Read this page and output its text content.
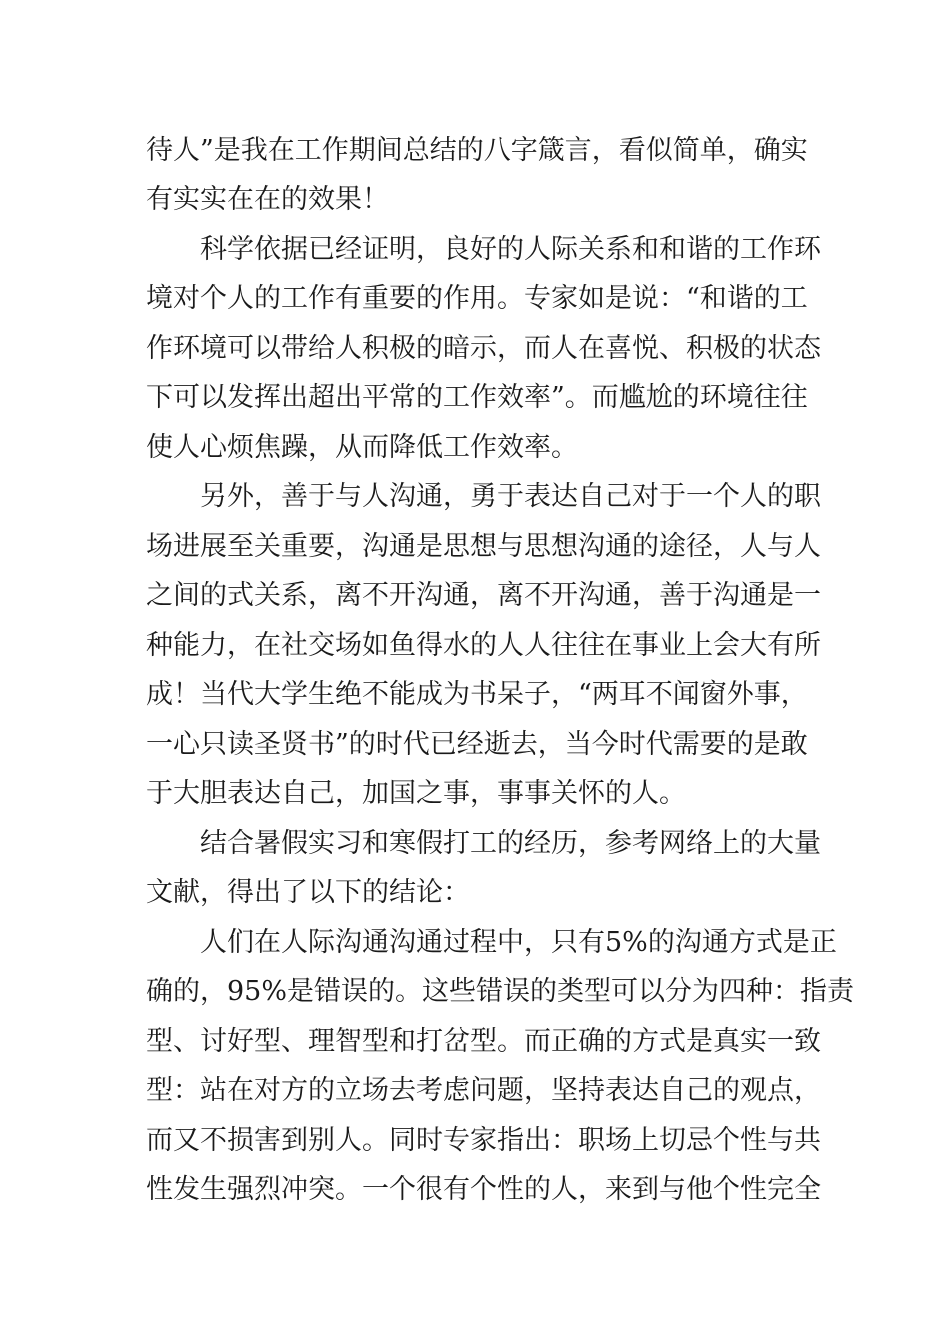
待人”是我在工作期间总结的八字箴言，看似简单，确实
有实实在在的效果！
科学依据已经证明，良好的人际关系和和谐的工作环
境对个人的工作有重要的作用。专家如是说：“和谐的工
作环境可以带给人积极的暗示，而人在喜悦、积极的状态
下可以发挥出超出平常的工作效率”。而尴尬的环境往往
使人心烦焦躁，从而降低工作效率。
另外，善于与人沟通，勇于表达自己对于一个人的职
场进展至关重要，沟通是思想与思想沟通的途径，人与人
之间的式关系，离不开沟通，离不开沟通，善于沟通是一
种能力，在社交场如鱼得水的人人往往在事业上会大有所
成！当代大学生绝不能成为书呆子，“两耳不闻窗外事，
一心只读圣贤书”的时代已经逝去，当今时代需要的是敢
于大胆表达自己，加国之事，事事关怀的人。
结合暑假实习和寒假打工的经历，参考网络上的大量
文献，得出了以下的结论：
人们在人际沟通沟通过程中，只有5%的沟通方式是正
确的，95%是错误的。这些错误的类型可以分为四种：指责
型、讨好型、理智型和打岔型。而正确的方式是真实一致
型：站在对方的立场去考虑问题，坚持表达自己的观点，
而又不损害到别人。同时专家指出：职场上切忌个性与共
性发生强烈冲突。一个很有个性的人，来到与他个性完全
